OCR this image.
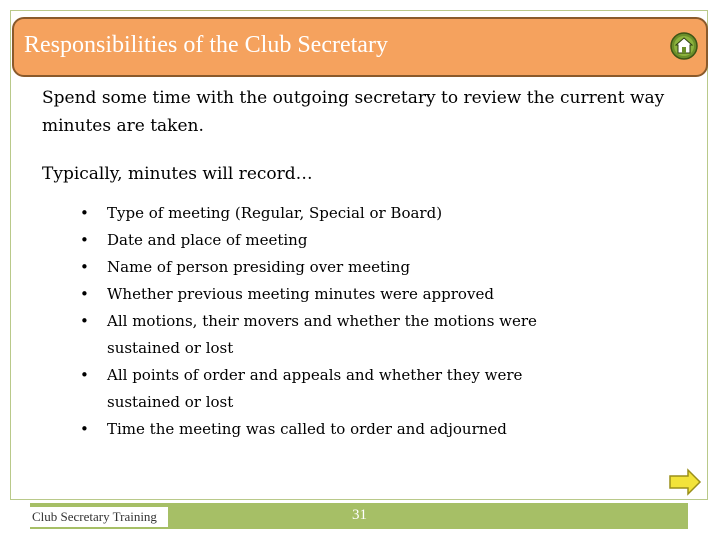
Responsibilities of the Club Secretary
Spend some time with the outgoing secretary to review the current way minutes are taken.
Typically, minutes will record…
• Type of meeting (Regular, Special or Board)
• Date and place of meeting
• Name of person presiding over meeting
• Whether previous meeting minutes were approved
• All motions, their movers and whether the motions were sustained or lost
• All points of order and appeals and whether they were sustained or lost
• Time the meeting was called to order and adjourned
Club Secretary Training	31
